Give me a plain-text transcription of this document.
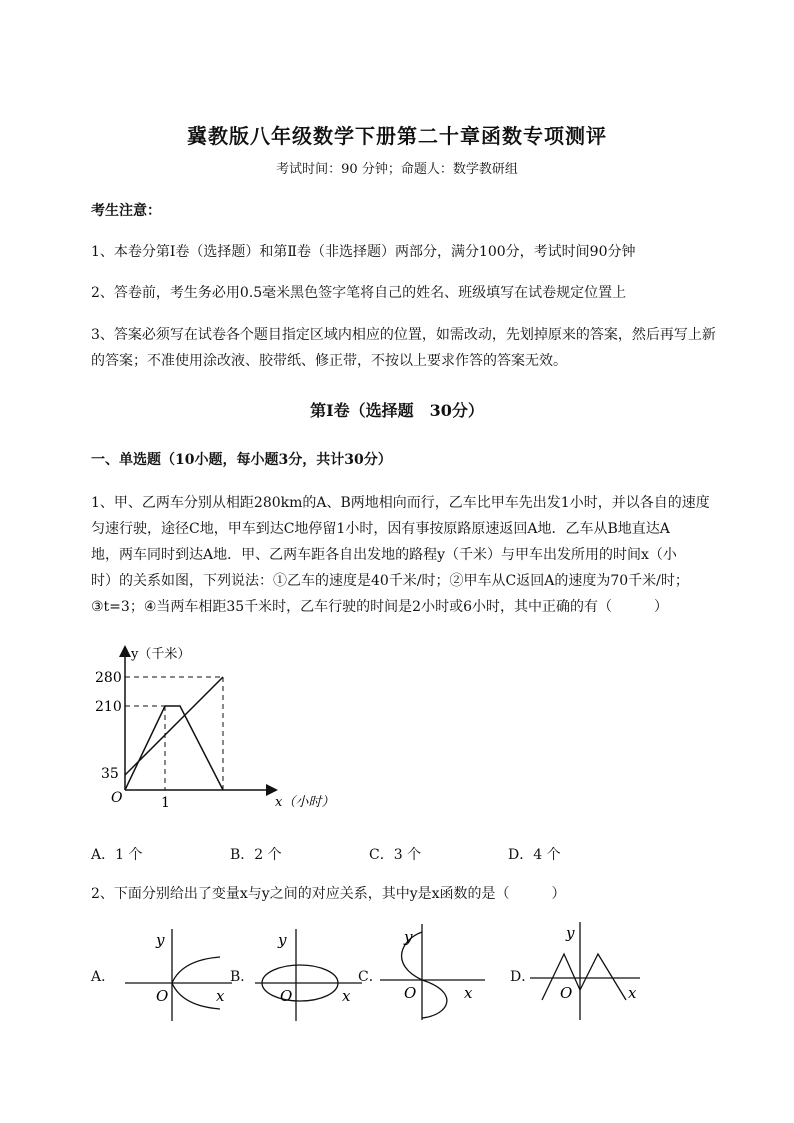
冀教版八年级数学下册第二十章函数专项测评
考试时间：90 分钟；命题人：数学教研组
考生注意：
1、本卷分第Ⅰ卷（选择题）和第Ⅱ卷（非选择题）两部分，满分100分，考试时间90分钟
2、答卷前，考生务必用0.5毫米黑色签字笔将自己的姓名、班级填写在试卷规定位置上
3、答案必须写在试卷各个题目指定区域内相应的位置，如需改动，先划掉原来的答案，然后再写上新
的答案；不准使用涂改液、胶带纸、修正带，不按以上要求作答的答案无效。
第Ⅰ卷（选择题　30分）
一、单选题（10小题，每小题3分，共计30分）
1、甲、乙两车分别从相距280km的A、B两地相向而行，乙车比甲车先出发1小时，并以各自的速度
匀速行驶，途径C地，甲车到达C地停留1小时，因有事按原路原速返回A地．乙车从B地直达A
地，两车同时到达A地．甲、乙两车距各自出发地的路程y（千米）与甲车出发所用的时间x（小
时）的关系如图，下列说法：①乙车的速度是40千米/时；②甲车从C返回A的速度为70千米/时；
③t=3；④当两车相距35千米时，乙车行驶的时间是2小时或6小时，其中正确的有（　　　）
y（千米）
x（小时）
O
280
210
35
1
A．1 个	B．2 个	C．3 个	D．4 个
2、下面分别给出了变量x与y之间的对应关系，其中y是x函数的是（　　　）
A．
y
O	x
B．
y
O	x
C．
y
O	x
D．
y
O	x
